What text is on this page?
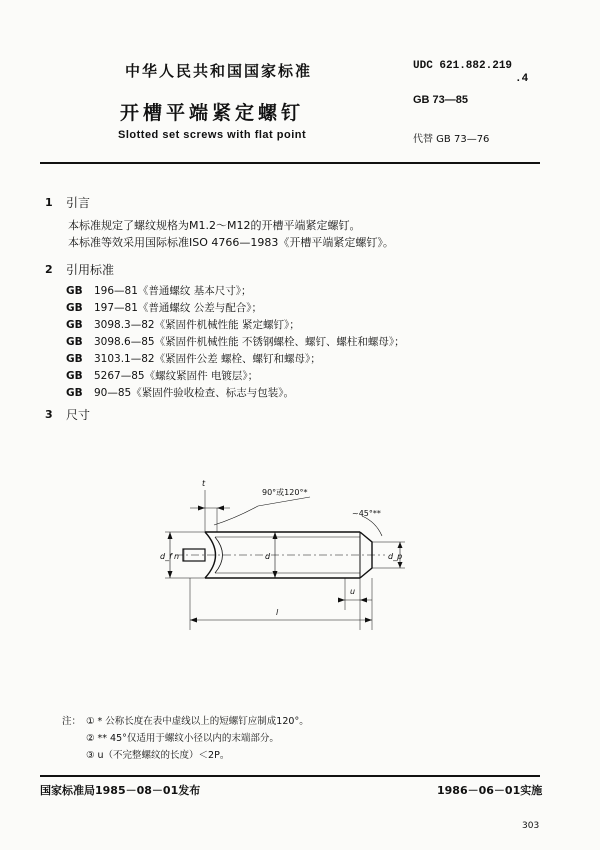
中华人民共和国国家标准
开槽平端紧定螺钉
Slotted set screws with flat point
UDC 621.882.219
.4
GB 73—85
代替 GB 73—76
1 引言
本标准规定了螺纹规格为M1.2～M12的开槽平端紧定螺钉。
本标准等效采用国际标准ISO 4766—1983《开槽平端紧定螺钉》。
2 引用标准
GB 196—81《普通螺纹 基本尺寸》；
GB 197—81《普通螺纹 公差与配合》；
GB 3098.3—82《紧固件机械性能 紧定螺钉》；
GB 3098.6—85《紧固件机械性能 不锈钢螺栓、螺钉、螺柱和螺母》；
GB 3103.1—82《紧固件公差 螺栓、螺钉和螺母》；
GB 5267—85《螺纹紧固件 电镀层》；
GB 90—85《紧固件验收检查、标志与包装》。
3 尺寸
t
90°或120°*
~45°**
d_f n	d	d_p
u
l
注： ① * 公称长度在表中虚线以上的短螺钉应制成120°。
② ** 45°仅适用于螺纹小径以内的末端部分。
③ u（不完整螺纹的长度）＜2P。
国家标准局1985－08－01发布	1986－06－01实施
303
